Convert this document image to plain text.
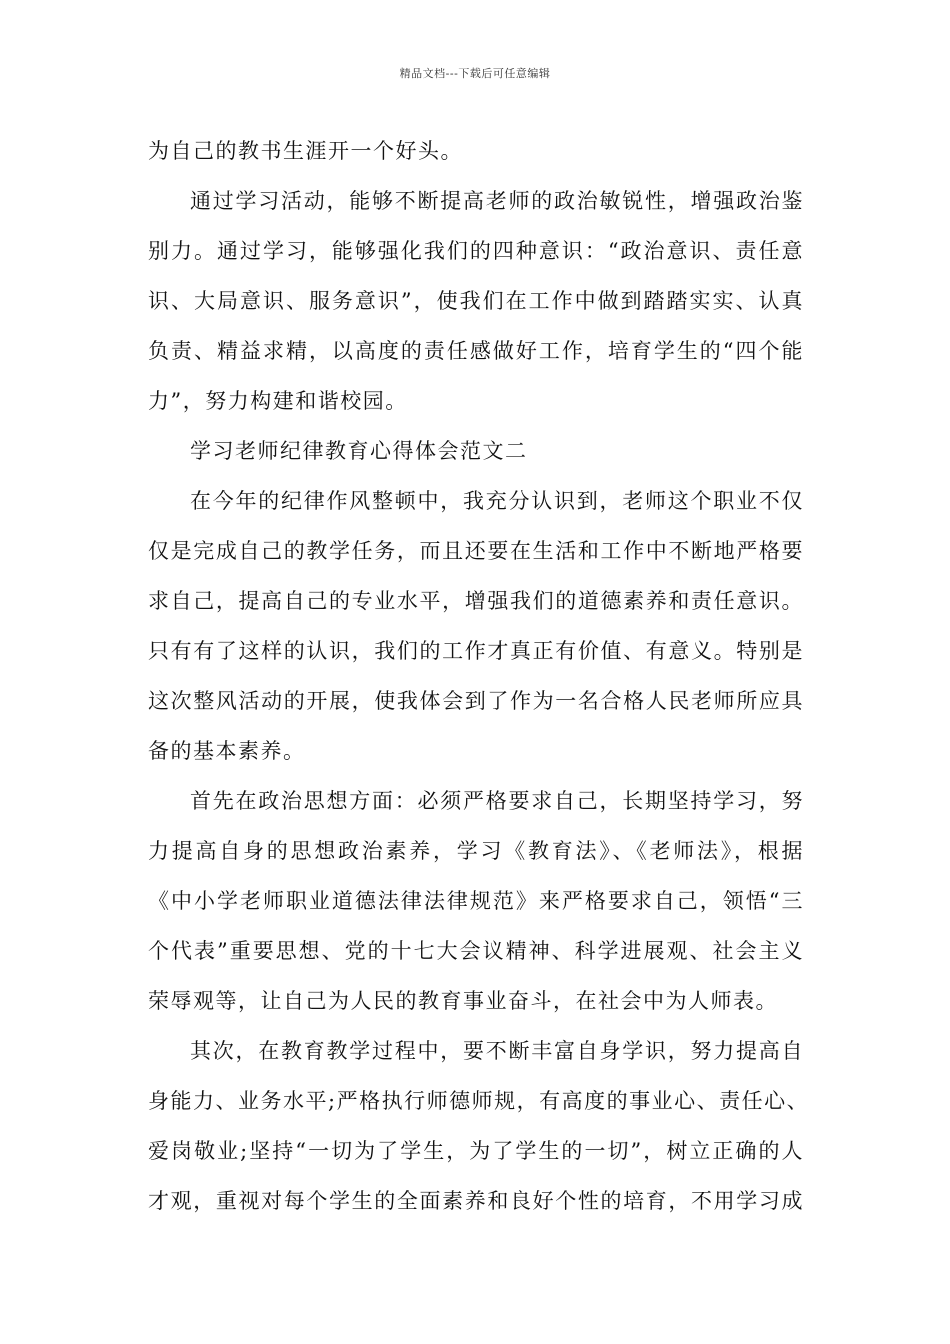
精品文档---下载后可任意编辑
为自己的教书生涯开一个好头。
通过学习活动，能够不断提高老师的政治敏锐性，增强政治鉴
别力。通过学习，能够强化我们的四种意识：“政治意识、责任意
识、大局意识、服务意识”，使我们在工作中做到踏踏实实、认真
负责、精益求精，以高度的责任感做好工作，培育学生的“四个能
力”，努力构建和谐校园。
学习老师纪律教育心得体会范文二
在今年的纪律作风整顿中，我充分认识到，老师这个职业不仅
仅是完成自己的教学任务，而且还要在生活和工作中不断地严格要
求自己，提高自己的专业水平，增强我们的道德素养和责任意识。
只有有了这样的认识，我们的工作才真正有价值、有意义。特别是
这次整风活动的开展，使我体会到了作为一名合格人民老师所应具
备的基本素养。
首先在政治思想方面：必须严格要求自己，长期坚持学习，努
力提高自身的思想政治素养，学习《教育法》、《老师法》，根据
《中小学老师职业道德法律法律规范》来严格要求自己，领悟“三
个代表”重要思想、党的十七大会议精神、科学进展观、社会主义
荣辱观等，让自己为人民的教育事业奋斗，在社会中为人师表。
其次，在教育教学过程中，要不断丰富自身学识，努力提高自
身能力、业务水平;严格执行师德师规，有高度的事业心、责任心、
爱岗敬业;坚持“一切为了学生，为了学生的一切”，树立正确的人
才观，重视对每个学生的全面素养和良好个性的培育，不用学习成
